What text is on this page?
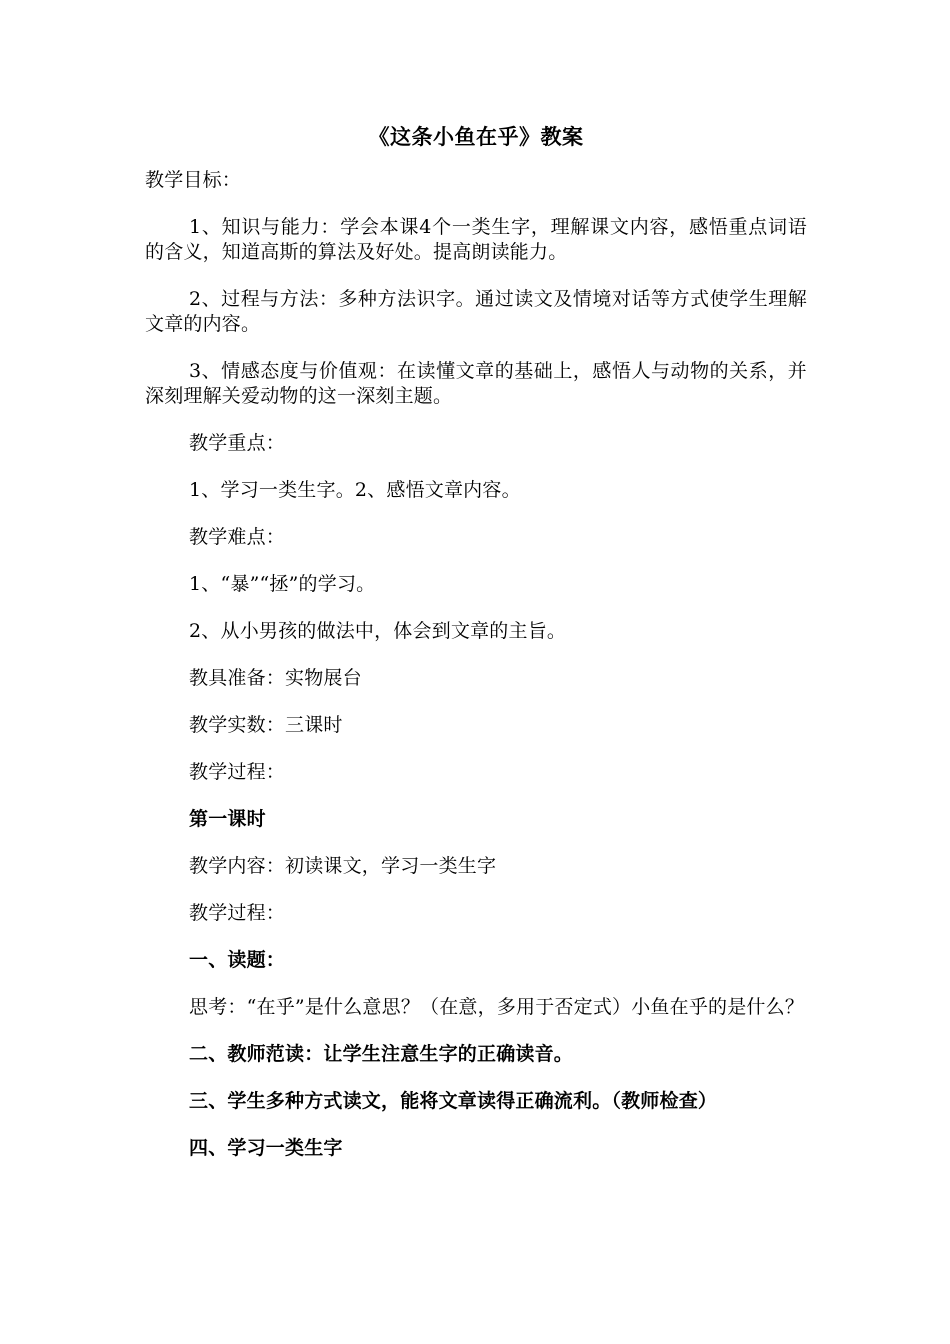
《这条小鱼在乎》教案

教学目标：

1、知识与能力：学会本课4个一类生字，理解课文内容，感悟重点词语的含义，知道高斯的算法及好处。提高朗读能力。

2、过程与方法：多种方法识字。通过读文及情境对话等方式使学生理解文章的内容。

3、情感态度与价值观：在读懂文章的基础上，感悟人与动物的关系，并深刻理解关爱动物的这一深刻主题。

教学重点：

1、学习一类生字。2、感悟文章内容。

教学难点：

1、“暴”“拯”的学习。

2、从小男孩的做法中，体会到文章的主旨。

教具准备：实物展台

教学实数：三课时

教学过程：

第一课时

教学内容：初读课文，学习一类生字

教学过程：

一、读题：

思考：“在乎”是什么意思？（在意，多用于否定式）小鱼在乎的是什么？

二、教师范读：让学生注意生字的正确读音。

三、学生多种方式读文，能将文章读得正确流利。（教师检查）

四、学习一类生字
